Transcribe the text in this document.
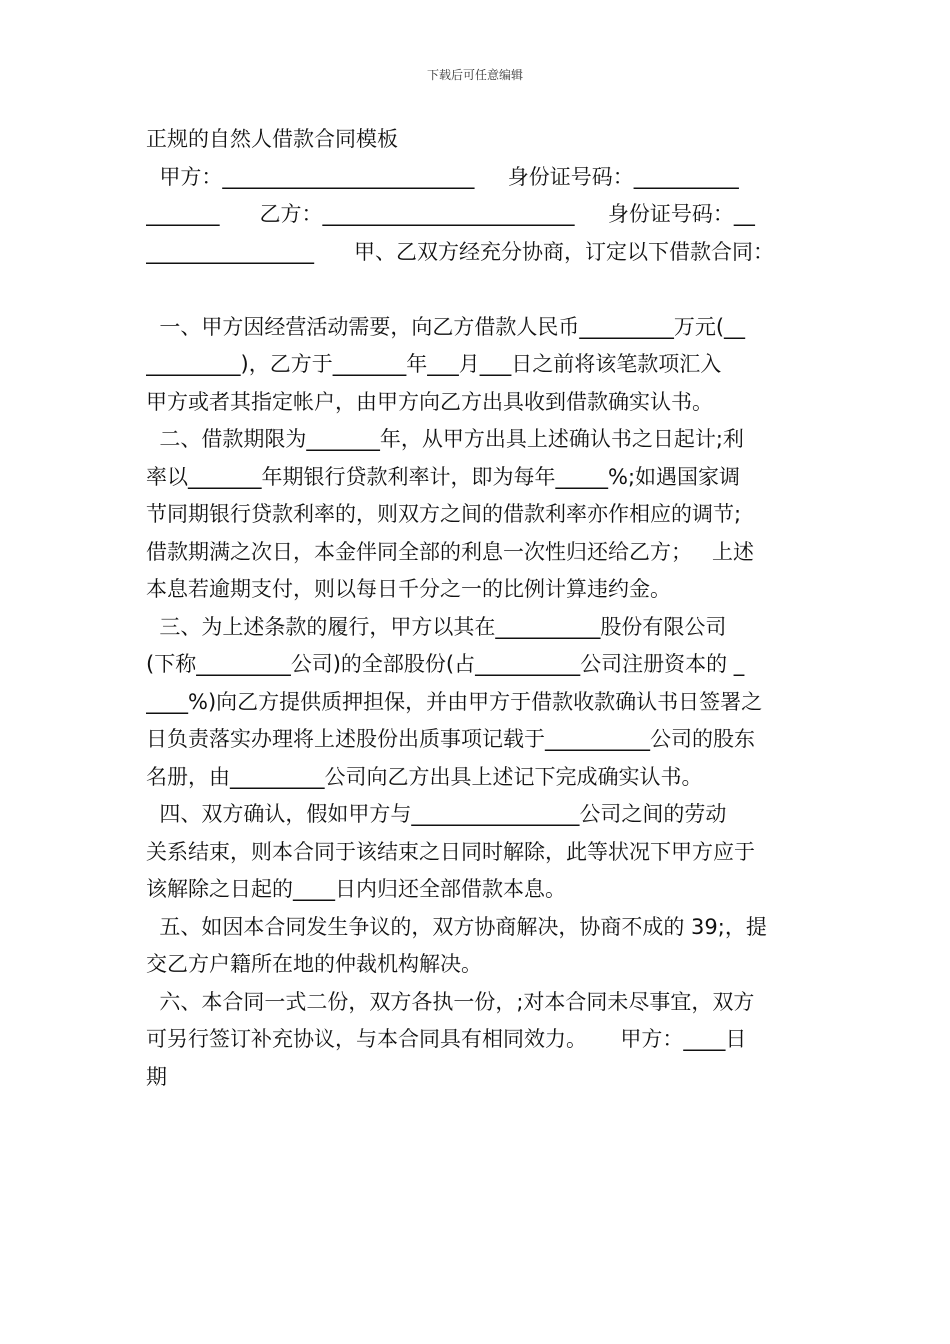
下载后可任意编辑
正规的自然人借款合同模板
甲方：________________________     身份证号码：__________
_______      乙方：________________________     身份证号码：__
________________      甲、乙双方经充分协商，订定以下借款合同：
一、甲方因经营活动需要，向乙方借款人民币_________万元(__
_________)，乙方于_______年___月___日之前将该笔款项汇入
甲方或者其指定帐户，由甲方向乙方出具收到借款确实认书。
二、借款期限为_______年，从甲方出具上述确认书之日起计;利
率以_______年期银行贷款利率计，即为每年_____%;如遇国家调
节同期银行贷款利率的，则双方之间的借款利率亦作相应的调节;
借款期满之次日，本金伴同全部的利息一次性归还给乙方；   上述
本息若逾期支付，则以每日千分之一的比例计算违约金。
三、为上述条款的履行，甲方以其在__________股份有限公司
(下称_________公司)的全部股份(占__________公司注册资本的 _
____%)向乙方提供质押担保，并由甲方于借款收款确认书日签署之
日负责落实办理将上述股份出质事项记载于__________公司的股东
名册，由_________公司向乙方出具上述记下完成确实认书。
四、双方确认，假如甲方与________________公司之间的劳动
关系结束，则本合同于该结束之日同时解除，此等状况下甲方应于
该解除之日起的____日内归还全部借款本息。
五、如因本合同发生争议的，双方协商解决，协商不成的 39;，提
交乙方户籍所在地的仲裁机构解决。
六、本合同一式二份，双方各执一份，;对本合同未尽事宜，双方
可另行签订补充协议，与本合同具有相同效力。     甲方：____日
期
